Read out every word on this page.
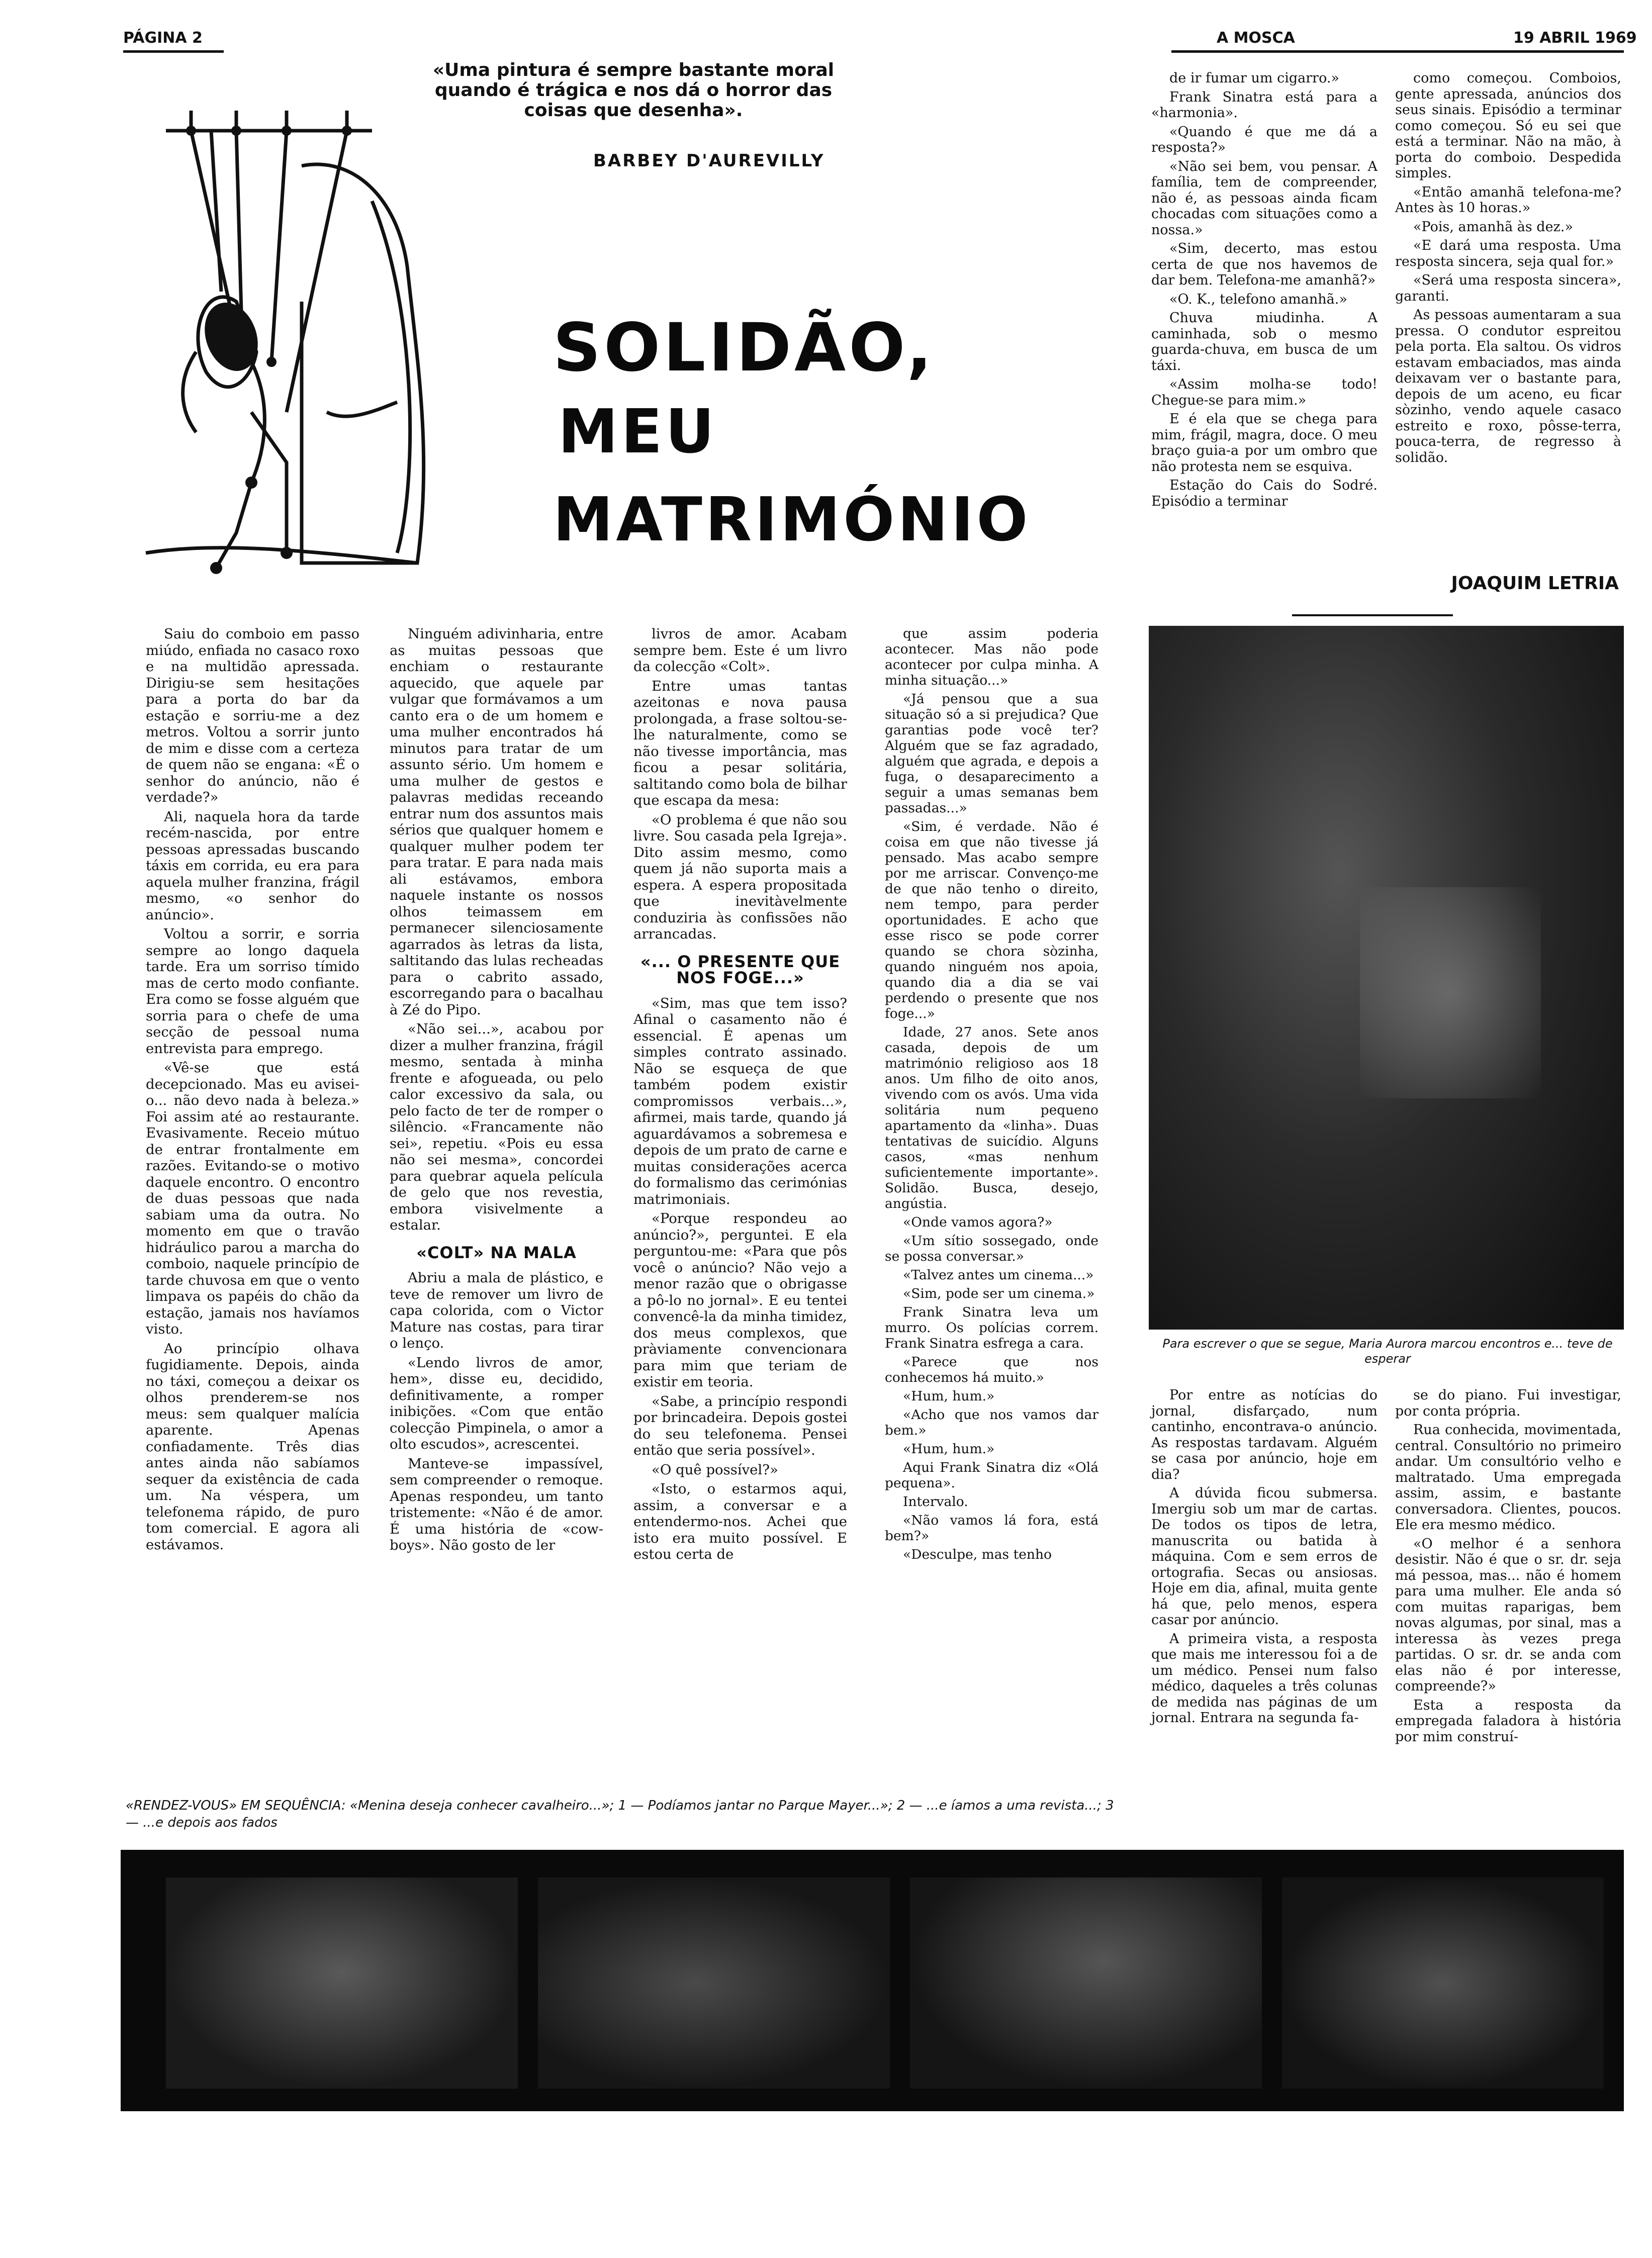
PÁGINA 2	A MOSCA	19 ABRIL 1969
«Uma pintura é sempre bastante moral quando é trágica e nos dá o horror das coisas que desenha».
BARBEY D'AUREVILLY
SOLIDÃO,
MEU
MATRIMÓNIO

Saiu do comboio em passo miúdo, enfiada no casaco roxo e na multidão apressada. Dirigiu-se sem hesitações para a porta do bar da estação e sorriu-me a dez metros. Voltou a sorrir junto de mim e disse com a certeza de quem não se engana: «É o senhor do anúncio, não é verdade?»

Ali, naquela hora da tarde recém-nascida, por entre pessoas apressadas buscando táxis em corrida, eu era para aquela mulher franzina, frágil mesmo, «o senhor do anúncio».

Voltou a sorrir, e sorria sempre ao longo daquela tarde. Era um sorriso tímido mas de certo modo confiante. Era como se fosse alguém que sorria para o chefe de uma secção de pessoal numa entrevista para emprego.

«Vê-se que está decepcionado. Mas eu avisei-o... não devo nada à beleza.» Foi assim até ao restaurante. Evasivamente. Receio mútuo de entrar frontalmente em razões. Evitando-se o motivo daquele encontro. O encontro de duas pessoas que nada sabiam uma da outra. No momento em que o travão hidráulico parou a marcha do comboio, naquele princípio de tarde chuvosa em que o vento limpava os papéis do chão da estação, jamais nos havíamos visto.

Ao princípio olhava fugidiamente. Depois, ainda no táxi, começou a deixar os olhos prenderem-se nos meus: sem qualquer malícia aparente. Apenas confiadamente. Três dias antes ainda não sabíamos sequer da existência de cada um. Na véspera, um telefonema rápido, de puro tom comercial. E agora ali estávamos.

Ninguém adivinharia, entre as muitas pessoas que enchiam o restaurante aquecido, que aquele par vulgar que formávamos a um canto era o de um homem e uma mulher encontrados há minutos para tratar de um assunto sério. Um homem e uma mulher de gestos e palavras medidas receando entrar num dos assuntos mais sérios que qualquer homem e qualquer mulher podem ter para tratar. E para nada mais ali estávamos, embora naquele instante os nossos olhos teimassem em permanecer silenciosamente agarrados às letras da lista, saltitando das lulas recheadas para o cabrito assado, escorregando para o bacalhau à Zé do Pipo.

«Não sei...», acabou por dizer a mulher franzina, frágil mesmo, sentada à minha frente e afogueada, ou pelo calor excessivo da sala, ou pelo facto de ter de romper o silêncio. «Francamente não sei», repetiu. «Pois eu essa não sei mesma», concordei para quebrar aquela película de gelo que nos revestia, embora visivelmente a estalar.

«COLT» NA MALA

Abriu a mala de plástico, e teve de remover um livro de capa colorida, com o Victor Mature nas costas, para tirar o lenço.

«Lendo livros de amor, hem», disse eu, decidido, definitivamente, a romper inibições. «Com que então colecção Pimpinela, o amor a olto escudos», acrescentei.

Manteve-se impassível, sem compreender o remoque. Apenas respondeu, um tanto tristemente: «Não é de amor. É uma história de «cow-boys». Não gosto de ler

livros de amor. Acabam sempre bem. Este é um livro da colecção «Colt».

Entre umas tantas azeitonas e nova pausa prolongada, a frase soltou-se-lhe naturalmente, como se não tivesse importância, mas ficou a pesar solitária, saltitando como bola de bilhar que escapa da mesa:

«O problema é que não sou livre. Sou casada pela Igreja». Dito assim mesmo, como quem já não suporta mais a espera. A espera propositada que inevitàvelmente conduziria às confissões não arrancadas.

«... O PRESENTE QUE NOS FOGE...»

«Sim, mas que tem isso? Afinal o casamento não é essencial. É apenas um simples contrato assinado. Não se esqueça de que também podem existir compromissos verbais...», afirmei, mais tarde, quando já aguardávamos a sobremesa e depois de um prato de carne e muitas considerações acerca do formalismo das cerimónias matrimoniais.

«Porque respondeu ao anúncio?», perguntei. E ela perguntou-me: «Para que pôs você o anúncio? Não vejo a menor razão que o obrigasse a pô-lo no jornal». E eu tentei convencê-la da minha timidez, dos meus complexos, que pràviamente convencionara para mim que teriam de existir em teoria.

«Sabe, a princípio respondi por brincadeira. Depois gostei do seu telefonema. Pensei então que seria possível».

«O quê possível?»

«Isto, o estarmos aqui, assim, a conversar e a entendermo-nos. Achei que isto era muito possível. E estou certa de

que assim poderia acontecer. Mas não pode acontecer por culpa minha. A minha situação...»

«Já pensou que a sua situação só a si prejudica? Que garantias pode você ter? Alguém que se faz agradado, alguém que agrada, e depois a fuga, o desaparecimento a seguir a umas semanas bem passadas...»

«Sim, é verdade. Não é coisa em que não tivesse já pensado. Mas acabo sempre por me arriscar. Convenço-me de que não tenho o direito, nem tempo, para perder oportunidades. E acho que esse risco se pode correr quando se chora sòzinha, quando ninguém nos apoia, quando dia a dia se vai perdendo o presente que nos foge...»

Idade, 27 anos. Sete anos casada, depois de um matrimónio religioso aos 18 anos. Um filho de oito anos, vivendo com os avós. Uma vida solitária num pequeno apartamento da «linha». Duas tentativas de suicídio. Alguns casos, «mas nenhum suficientemente importante». Solidão. Busca, desejo, angústia.

«Onde vamos agora?»

«Um sítio sossegado, onde se possa conversar.»

«Talvez antes um cinema...»

«Sim, pode ser um cinema.»

Frank Sinatra leva um murro. Os polícias correm. Frank Sinatra esfrega a cara.

«Parece que nos conhecemos há muito.»

«Hum, hum.»

«Acho que nos vamos dar bem.»

«Hum, hum.»

Aqui Frank Sinatra diz «Olá pequena».

Intervalo.

«Não vamos lá fora, está bem?»

«Desculpe, mas tenho

de ir fumar um cigarro.»

Frank Sinatra está para a «harmonia».

«Quando é que me dá a resposta?»

«Não sei bem, vou pensar. A família, tem de compreender, não é, as pessoas ainda ficam chocadas com situações como a nossa.»

«Sim, decerto, mas estou certa de que nos havemos de dar bem. Telefona-me amanhã?»

«O. K., telefono amanhã.»

Chuva miudinha. A caminhada, sob o mesmo guarda-chuva, em busca de um táxi.

«Assim molha-se todo! Chegue-se para mim.»

E é ela que se chega para mim, frágil, magra, doce. O meu braço guia-a por um ombro que não protesta nem se esquiva.

Estação do Cais do Sodré. Episódio a terminar

como começou. Comboios, gente apressada, anúncios dos seus sinais. Episódio a terminar como começou. Só eu sei que está a terminar. Não na mão, à porta do comboio. Despedida simples.

«Então amanhã telefona-me? Antes às 10 horas.»

«Pois, amanhã às dez.»

«E dará uma resposta. Uma resposta sincera, seja qual for.»

«Será uma resposta sincera», garanti.

As pessoas aumentaram a sua pressa. O condutor espreitou pela porta. Ela saltou. Os vidros estavam embaciados, mas ainda deixavam ver o bastante para, depois de um aceno, eu ficar sòzinho, vendo aquele casaco estreito e roxo, pôsse-terra, pouca-terra, de regresso à solidão.

JOAQUIM LETRIA
Para escrever o que se segue, Maria Aurora marcou encontros e... teve de esperar

Por entre as notícias do jornal, disfarçado, num cantinho, encontrava-o anúncio. As respostas tardavam. Alguém se casa por anúncio, hoje em dia?

A dúvida ficou submersa. Imergiu sob um mar de cartas. De todos os tipos de letra, manuscrita ou batida à máquina. Com e sem erros de ortografia. Secas ou ansiosas. Hoje em dia, afinal, muita gente há que, pelo menos, espera casar por anúncio.

A primeira vista, a resposta que mais me interessou foi a de um médico. Pensei num falso médico, daqueles a três colunas de medida nas páginas de um jornal. Entrara na segunda fa-

se do piano. Fui investigar, por conta própria.

Rua conhecida, movimentada, central. Consultório no primeiro andar. Um consultório velho e maltratado. Uma empregada assim, assim, e bastante conversadora. Clientes, poucos. Ele era mesmo médico.

«O melhor é a senhora desistir. Não é que o sr. dr. seja má pessoa, mas... não é homem para uma mulher. Ele anda só com muitas raparigas, bem novas algumas, por sinal, mas a interessa às vezes prega partidas. O sr. dr. se anda com elas não é por interesse, compreende?»

Esta a resposta da empregada faladora à história por mim construí-

«RENDEZ-VOUS» EM SEQUÊNCIA: «Menina deseja conhecer cavalheiro...»; 1 — Podíamos jantar no Parque Mayer...»; 2 — ...e íamos a uma revista...; 3 — ...e depois aos fados
